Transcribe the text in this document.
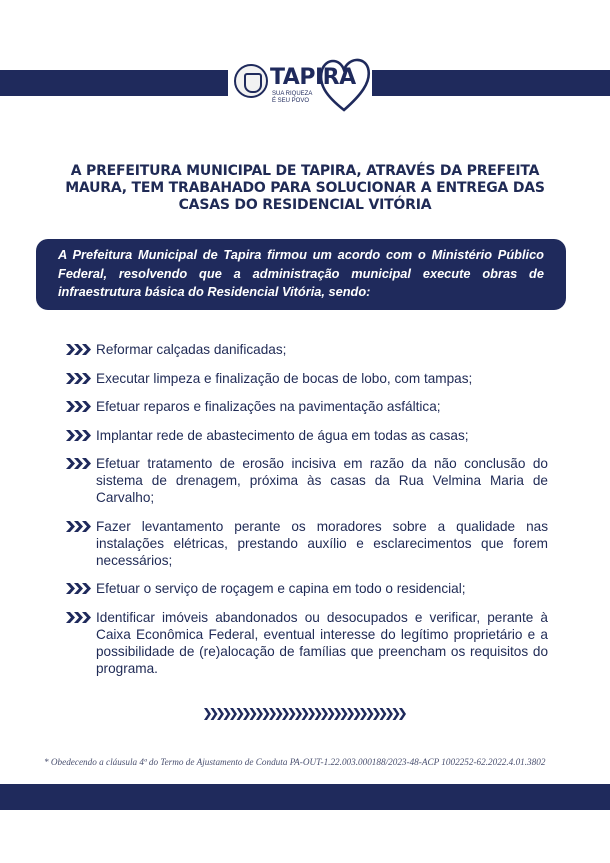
TAPIRA
SUA RIQUEZA
É SEU POVO
A PREFEITURA MUNICIPAL DE TAPIRA, ATRAVÉS DA PREFEITA MAURA, TEM TRABAHADO PARA SOLUCIONAR A ENTREGA DAS CASAS DO RESIDENCIAL VITÓRIA

A Prefeitura Municipal de Tapira firmou um acordo com o Ministério Público Federal, resolvendo que a administração municipal execute obras de infraestrutura básica do Residencial Vitória, sendo:

Reformar calçadas danificadas;
Executar limpeza e finalização de bocas de lobo, com tampas;
Efetuar reparos e finalizações na pavimentação asfáltica;
Implantar rede de abastecimento de água em todas as casas;
Efetuar tratamento de erosão incisiva em razão da não conclusão do sistema de drenagem, próxima às casas da Rua Velmina Maria de Carvalho;
Fazer levantamento perante os moradores sobre a qualidade nas instalações elétricas, prestando auxílio e esclarecimentos que forem necessários;
Efetuar o serviço de roçagem e capina em todo o residencial;
Identificar imóveis abandonados ou desocupados e verificar, perante à Caixa Econômica Federal, eventual interesse do legítimo proprietário e a possibilidade de (re)alocação de famílias que preencham os requisitos do programa.
* Obedecendo a cláusula 4ª do Termo de Ajustamento de Conduta PA-OUT-1.22.003.000188/2023-48-ACP 1002252-62.2022.4.01.3802
